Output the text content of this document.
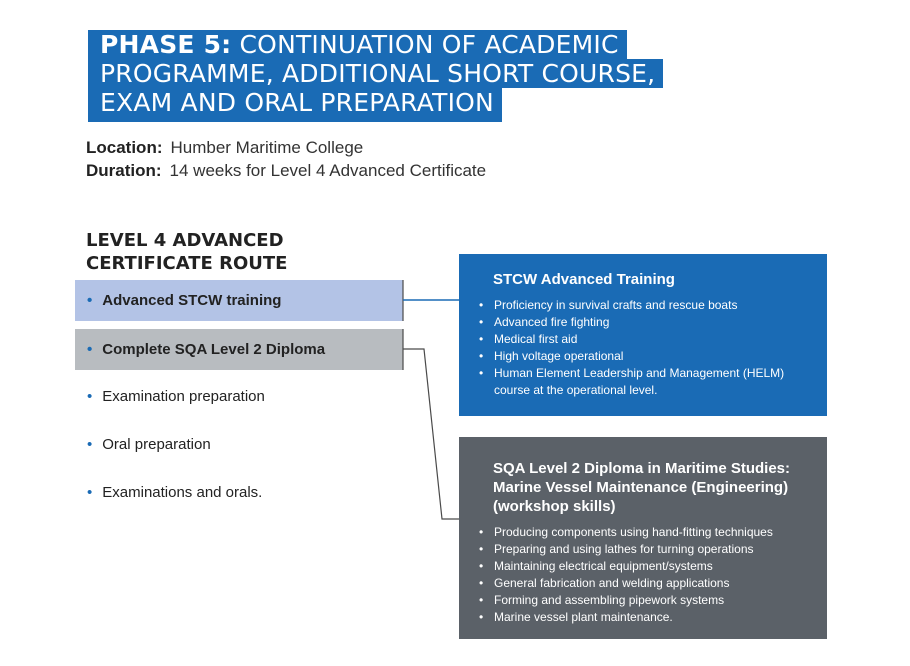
PHASE 5: CONTINUATION OF ACADEMIC
PROGRAMME, ADDITIONAL SHORT COURSE,
EXAM AND ORAL PREPARATION
Location: Humber Maritime College
Duration: 14 weeks for Level 4 Advanced Certificate
LEVEL 4 ADVANCED
CERTIFICATE ROUTE
• Advanced STCW training
• Complete SQA Level 2 Diploma
• Examination preparation
• Oral preparation
• Examinations and orals.
STCW Advanced Training
• Proficiency in survival crafts and rescue boats
• Advanced fire fighting
• Medical first aid
• High voltage operational
• Human Element Leadership and Management (HELM) course at the operational level.
SQA Level 2 Diploma in Maritime Studies:
Marine Vessel Maintenance (Engineering)
(workshop skills)
• Producing components using hand-fitting techniques
• Preparing and using lathes for turning operations
• Maintaining electrical equipment/systems
• General fabrication and welding applications
• Forming and assembling pipework systems
• Marine vessel plant maintenance.
